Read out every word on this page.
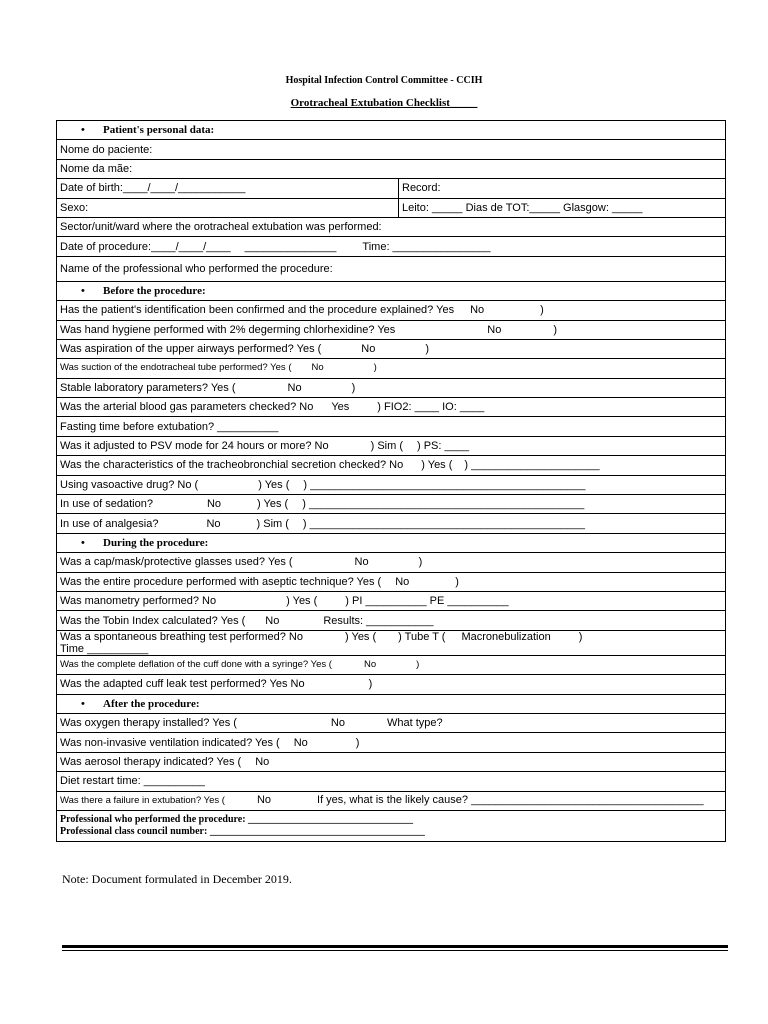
Hospital Infection Control Committee - CCIH
Orotracheal Extubation Checklist_____
• Patient's personal data:	
Nome do paciente:	
Nome da mãe:	
Date of birth:____/____/___________	Record:
Sexo:	Leito: _____ Dias de TOT:_____ Glasgow: _____
Sector/unit/ward where the orotracheal extubation was performed:	
Date of procedure:____/____/____ _______________ Time: ________________	
Name of the professional who performed the procedure:	
• Before the procedure:	
Has the patient's identification been confirmed and the procedure explained? Yes No )	
Was hand hygiene performed with 2% degerming chlorhexidine? Yes No )	
Was aspiration of the upper airways performed? Yes ( No )	
Was suction of the endotracheal tube performed? Yes ( No )	
Stable laboratory parameters? Yes ( No )	
Was the arterial blood gas parameters checked? No Yes ) FIO2: ____ IO: ____	
Fasting time before extubation? __________	
Was it adjusted to PSV mode for 24 hours or more? No ) Sim ( ) PS: ____	
Was the characteristics of the tracheobronchial secretion checked? No ) Yes ( ) _____________________	
Using vasoactive drug? No ( ) Yes ( ) _____________________________________________	
In use of sedation? No ) Yes ( ) _____________________________________________	
In use of analgesia? No ) Sim ( ) _____________________________________________	
• During the procedure:	
Was a cap/mask/protective glasses used? Yes ( No )	
Was the entire procedure performed with aseptic technique? Yes ( No )	
Was manometry performed? No ) Yes ( ) PI __________ PE __________	
Was the Tobin Index calculated? Yes ( No Results: ___________	
Was a spontaneous breathing test performed? No ) Yes ( ) Tube T ( Macronebulization )
Time __________	
Was the complete deflation of the cuff done with a syringe? Yes ( No )	
Was the adapted cuff leak test performed? Yes No )	
• After the procedure:	
Was oxygen therapy installed? Yes ( No What type?	
Was non-invasive ventilation indicated? Yes ( No )	
Was aerosol therapy indicated? Yes ( No	
Diet restart time: __________	
Was there a failure in extubation? Yes ( No If yes, what is the likely cause? ______________________________________	
Professional who performed the procedure: _________________________________
Professional class council number: ___________________________________________	
Note: Document formulated in December 2019.
